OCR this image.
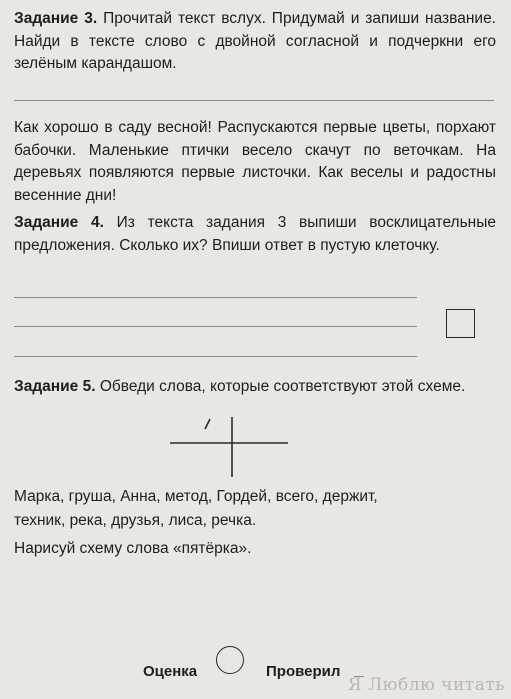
Задание 3. Прочитай текст вслух. Придумай и запиши название. Найди в тексте слово с двойной согласной и подчеркни его зелёным карандашом.

Как хорошо в саду весной! Распускаются первые цветы, порхают бабочки. Маленькие птички весело скачут по веточкам. На деревьях появляются первые листочки. Как веселы и радостны весенние дни!

Задание 4. Из текста задания 3 выпиши восклицательные предложения. Сколько их? Впиши ответ в пустую клеточку.

Задание 5. Обведи слова, которые соответствуют этой схеме.

Марка, груша, Анна, метод, Гордей, всего, держит,

техник, река, друзья, лиса, речка.

Нарисуй схему слова «пятёрка».

Оценка	Проверил
Я Люблю читать
